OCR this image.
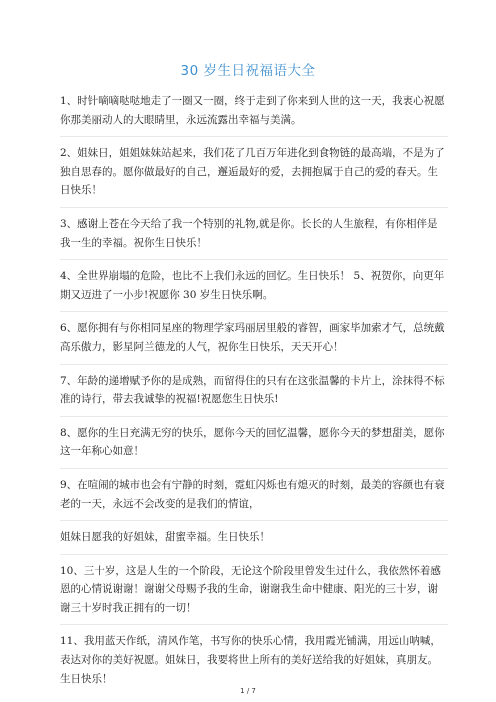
30 岁生日祝福语大全

1、时针嘀嘀哒哒地走了一圈又一圈，终于走到了你来到人世的这一天，我衷心祝愿你那美丽动人的大眼睛里，永远流露出幸福与美满。

2、姐妹日，姐姐妹妹站起来，我们花了几百万年进化到食物链的最高端，不是为了独自思春的。愿你做最好的自己，邂逅最好的爱，去拥抱属于自己的爱的春天。生日快乐！

3、感谢上苍在今天给了我一个特别的礼物,就是你。长长的人生旅程，有你相伴是我一生的幸福。祝你生日快乐！

4、全世界崩塌的危险，也比不上我们永远的回忆。生日快乐！ 5、祝贺你，向更年期又迈进了一小步!祝愿你 30 岁生日快乐啊。

6、愿你拥有与你相同星座的物理学家玛丽居里般的睿智，画家毕加索才气，总统戴高乐傲力，影星阿兰德龙的人气，祝你生日快乐，天天开心！

7、年龄的递增赋予你的是成熟，而留得住的只有在这张温馨的卡片上，涂抹得不标准的诗行，带去我诚挚的祝福!祝愿您生日快乐!

8、愿你的生日充满无穷的快乐，愿你今天的回忆温馨，愿你今天的梦想甜美，愿你这一年称心如意！

9、在喧闹的城市也会有宁静的时刻，霓虹闪烁也有熄灭的时刻，最美的容颜也有衰老的一天，永远不会改变的是我们的情谊，

姐妹日愿我的好姐妹，甜蜜幸福。生日快乐！

10、三十岁，这是人生的一个阶段，无论这个阶段里曾发生过什么，我依然怀着感恩的心情说谢谢！谢谢父母赐予我的生命，谢谢我生命中健康、阳光的三十岁，谢谢三十岁时我正拥有的一切！

11、我用蓝天作纸，清风作笔，书写你的快乐心情，我用霞光铺满，用远山呐喊，表达对你的美好祝愿。姐妹日，我要将世上所有的美好送给我的好姐妹，真朋友。生日快乐！

1 / 7
